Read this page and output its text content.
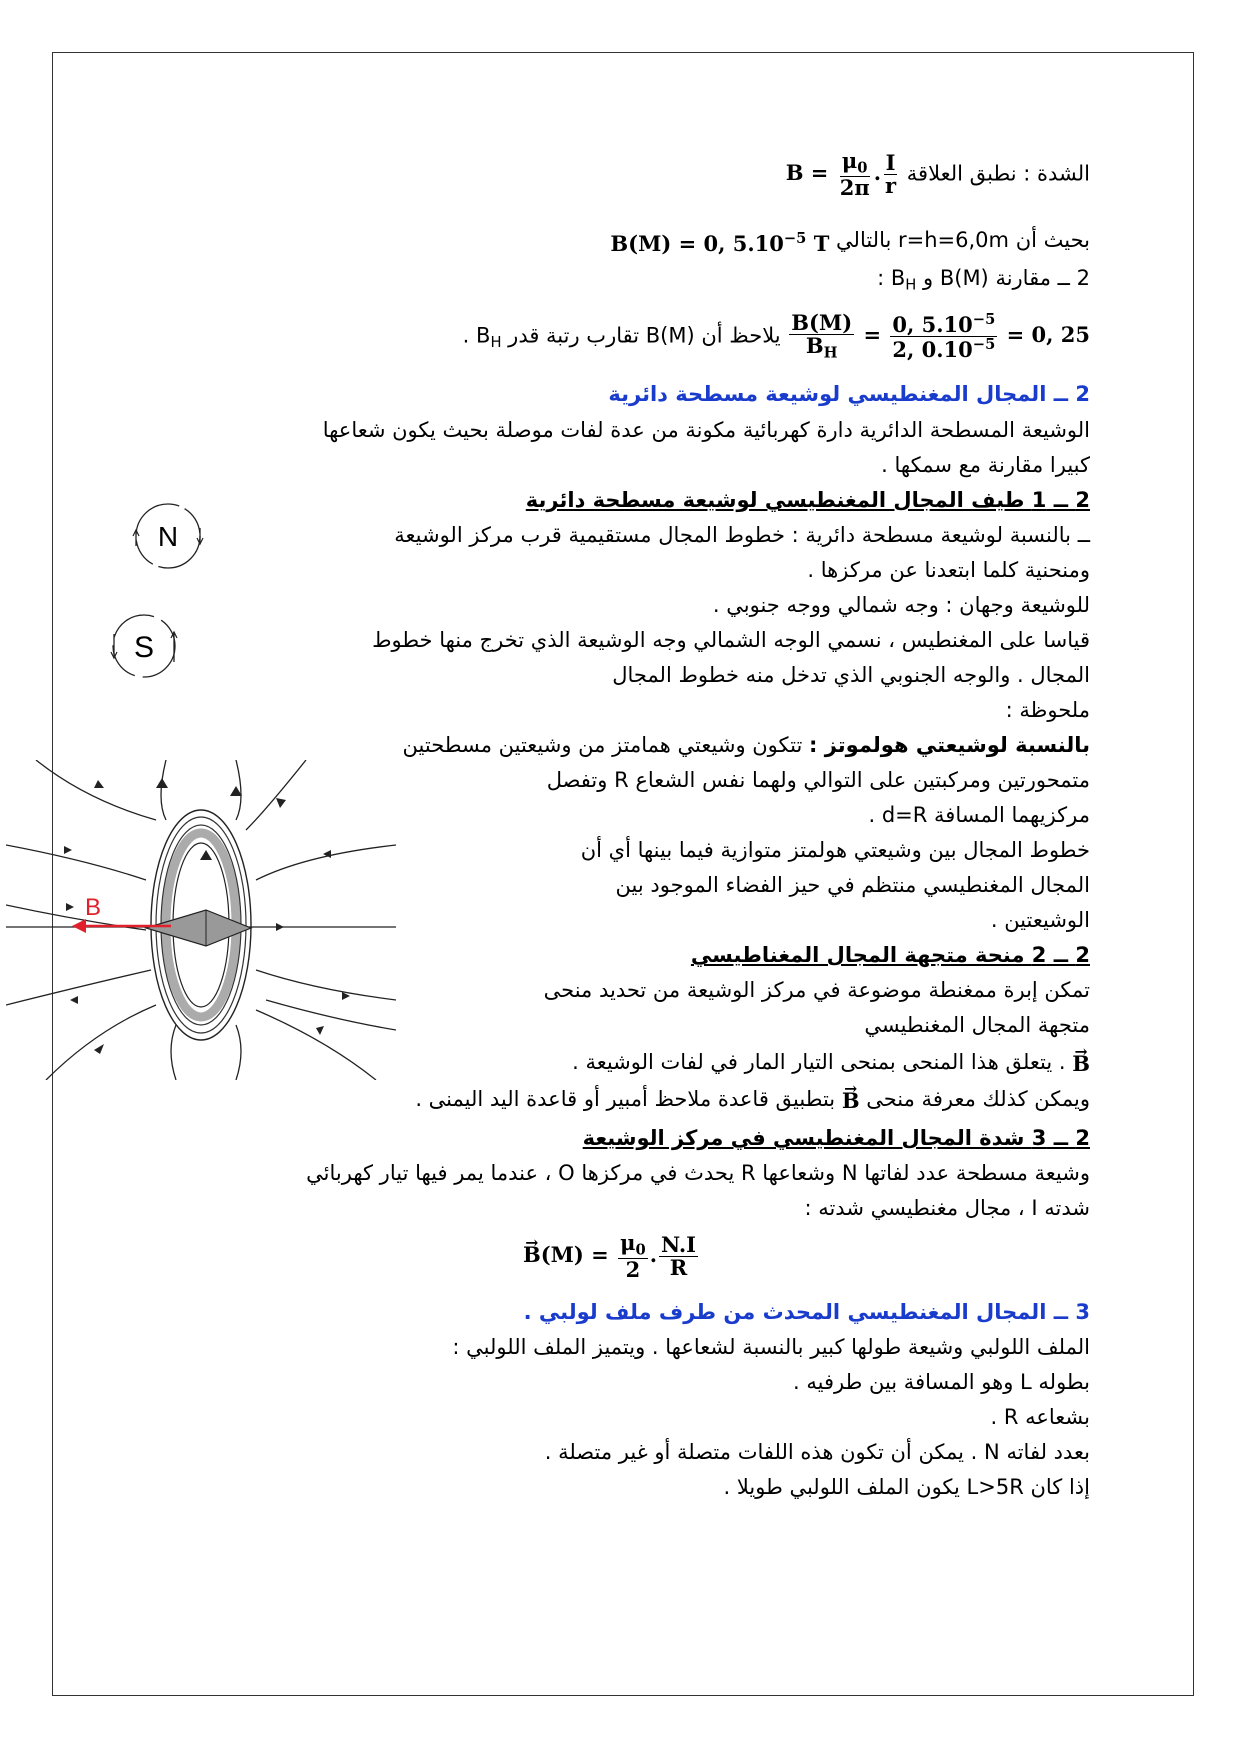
الشدة : نطبق العلاقة $B = \frac{\mu_0}{2\pi}$ . $\frac{I}{r}$
بحيث أن r=h=6,0m بالتالي B(M) = 0, $5.10^{-5}$ T
2 ــ مقارنة B(M) و $B_H$ :
$\frac{B(M)}{B_H} = \frac{0, 5.10^{-5}}{2, 0.10^{-5}} = 0$, 25 يلاحظ أن B(M) تقارب رتبة قدر $B_H$ .
2 ــ المجال المغنطيسي لوشيعة مسطحة دائرية
الوشيعة المسطحة الدائرية دارة كهربائية مكونة من عدة لفات موصلة بحيث يكون شعاعها
كبيرا مقارنة مع سمكها .
2 ــ 1 طيف المجال المغنطيسي لوشيعة مسطحة دائرية
ــ بالنسبة لوشيعة مسطحة دائرية : خطوط المجال مستقيمية قرب مركز الوشيعة
ومنحنية كلما ابتعدنا عن مركزها .
للوشيعة وجهان : وجه شمالي ووجه جنوبي .
قياسا على المغنطيس ، نسمي الوجه الشمالي وجه الوشيعة الذي تخرج منها خطوط
المجال . والوجه الجنوبي الذي تدخل منه خطوط المجال
ملحوظة :
بالنسبة لوشيعتي هولموتز : تتكون وشيعتي همامتز من وشيعتين مسطحتين
متمحورتين ومركبتين على التوالي ولهما نفس الشعاع R وتفصل
مركزيهما المسافة d=R .
خطوط المجال بين وشيعتي هولمتز متوازية فيما بينها أي أن
المجال المغنطيسي منتظم في حيز الفضاء الموجود بين
الوشيعتين .
2 ــ 2 منحة متجهة المجال المغناطيسي
تمكن إبرة ممغنطة موضوعة في مركز الوشيعة من تحديد منحى
متجهة المجال المغنطيسي
→ B . يتعلق هذا المنحى بمنحى التيار المار في لفات الوشيعة .
ويمكن كذلك معرفة منحى → B بتطبيق قاعدة ملاحظ أمبير أو قاعدة اليد اليمنى .
2 ــ 3 شدة المجال المغنطيسي في مركز الوشيعة
وشيعة مسطحة عدد لفاتها N وشعاعها R يحدث في مركزها O ، عندما يمر فيها تيار كهربائي
شدته I ، مجال مغنطيسي شدته :
→ $B(M) = \frac{\mu_0}{2}$ . $\frac{N.I}{R}$
3 ــ المجال المغنطيسي المحدث من طرف ملف لولبي .
الملف اللولبي وشيعة طولها كبير بالنسبة لشعاعها . ويتميز الملف اللولبي :
بطوله L وهو المسافة بين طرفيه .
بشعاعه R .
بعدد لفاته N . يمكن أن تكون هذه اللفات متصلة أو غير متصلة .
إذا كان L>5R يكون الملف اللولبي طويلا .
N
S
B
